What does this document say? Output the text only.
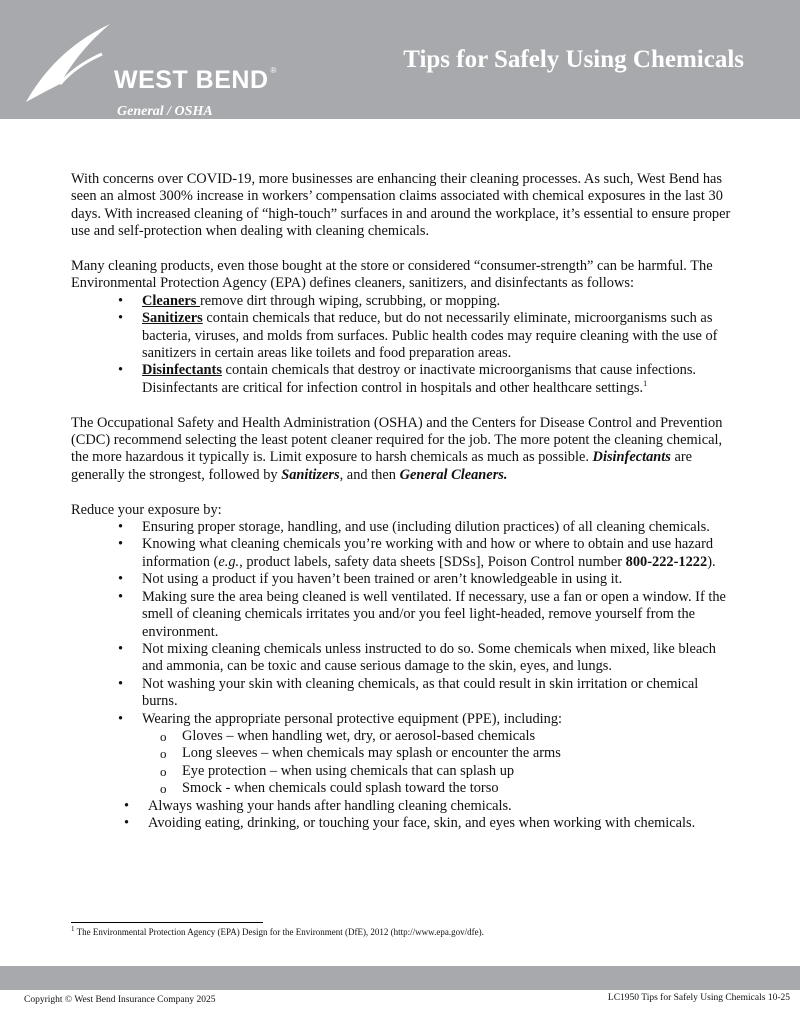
WEST BEND ®
General / OSHA
Tips for Safely Using Chemicals

With concerns over COVID-19, more businesses are enhancing their cleaning processes. As such, West Bend has seen an almost 300% increase in workers’ compensation claims associated with chemical exposures in the last 30 days. With increased cleaning of “high-touch” surfaces in and around the workplace, it’s essential to ensure proper use and self-protection when dealing with cleaning chemicals.

Many cleaning products, even those bought at the store or considered “consumer-strength” can be harmful. The Environmental Protection Agency (EPA) defines cleaners, sanitizers, and disinfectants as follows:
• Cleaners remove dirt through wiping, scrubbing, or mopping.
• Sanitizers contain chemicals that reduce, but do not necessarily eliminate, microorganisms such as bacteria, viruses, and molds from surfaces. Public health codes may require cleaning with the use of sanitizers in certain areas like toilets and food preparation areas.
• Disinfectants contain chemicals that destroy or inactivate microorganisms that cause infections. Disinfectants are critical for infection control in hospitals and other healthcare settings.$^1$

The Occupational Safety and Health Administration (OSHA) and the Centers for Disease Control and Prevention (CDC) recommend selecting the least potent cleaner required for the job. The more potent the cleaning chemical, the more hazardous it typically is. Limit exposure to harsh chemicals as much as possible. Disinfectants are generally the strongest, followed by Sanitizers, and then General Cleaners.

Reduce your exposure by:
• Ensuring proper storage, handling, and use (including dilution practices) of all cleaning chemicals.
• Knowing what cleaning chemicals you’re working with and how or where to obtain and use hazard information (e.g., product labels, safety data sheets [SDSs], Poison Control number 800-222-1222).
• Not using a product if you haven’t been trained or aren’t knowledgeable in using it.
• Making sure the area being cleaned is well ventilated. If necessary, use a fan or open a window. If the smell of cleaning chemicals irritates you and/or you feel light-headed, remove yourself from the environment.
• Not mixing cleaning chemicals unless instructed to do so. Some chemicals when mixed, like bleach and ammonia, can be toxic and cause serious damage to the skin, eyes, and lungs.
• Not washing your skin with cleaning chemicals, as that could result in skin irritation or chemical burns.
• Wearing the appropriate personal protective equipment (PPE), including:
o Gloves – when handling wet, dry, or aerosol-based chemicals
o Long sleeves – when chemicals may splash or encounter the arms
o Eye protection – when using chemicals that can splash up
o Smock - when chemicals could splash toward the torso
• Always washing your hands after handling cleaning chemicals.
• Avoiding eating, drinking, or touching your face, skin, and eyes when working with chemicals.
$^1$ The Environmental Protection Agency (EPA) Design for the Environment (DfE), 2012 (http://www.epa.gov/dfe).
Copyright © West Bend Insurance Company 2025	LC1950 Tips for Safely Using Chemicals 10-25
